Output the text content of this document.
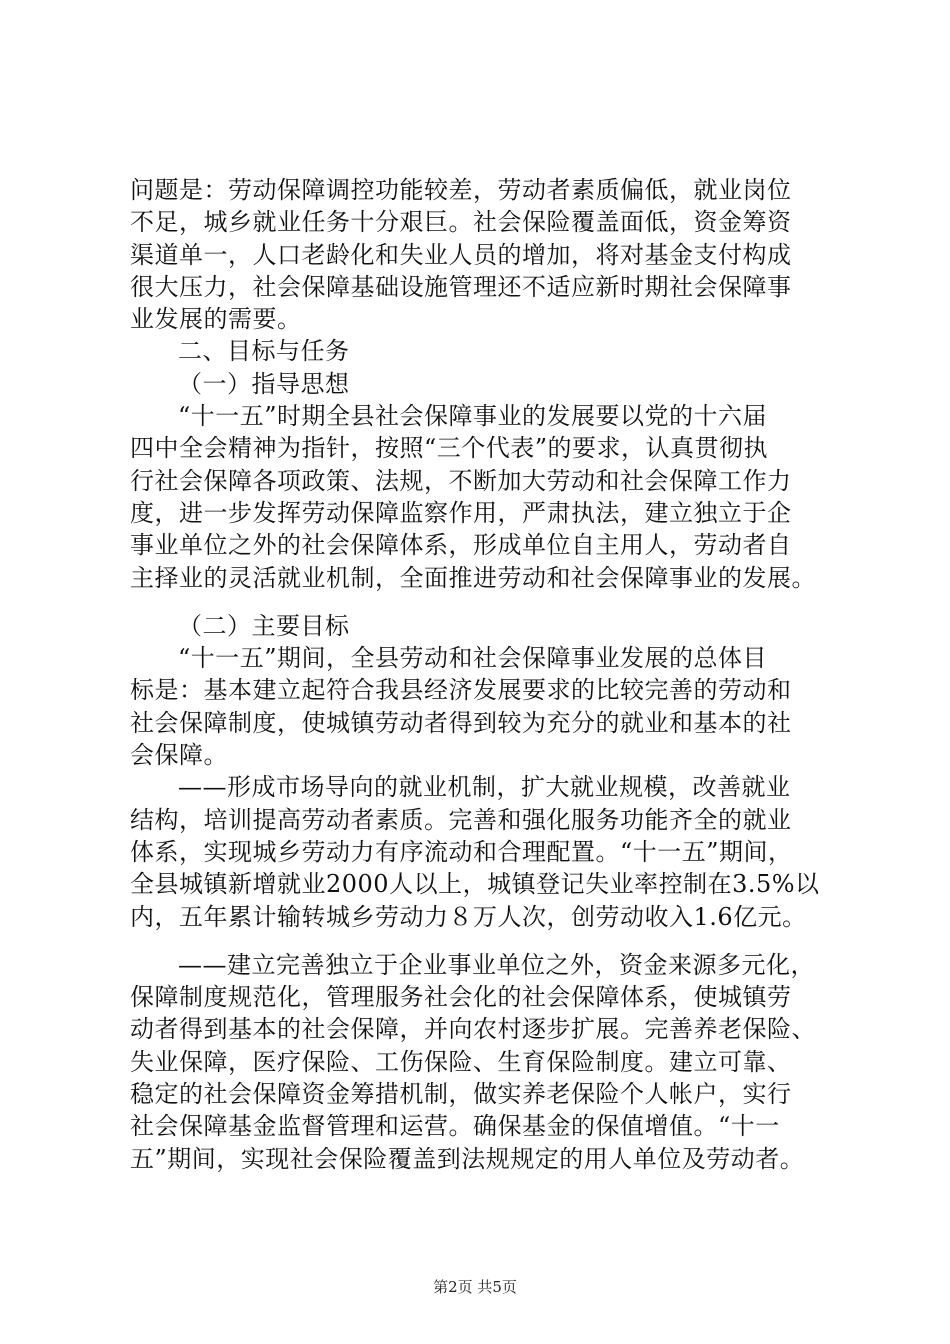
问题是：劳动保障调控功能较差，劳动者素质偏低，就业岗位
不足，城乡就业任务十分艰巨。社会保险覆盖面低，资金筹资
渠道单一，人口老龄化和失业人员的增加，将对基金支付构成
很大压力，社会保障基础设施管理还不适应新时期社会保障事
业发展的需要。
二、目标与任务
（一）指导思想
“十一五”时期全县社会保障事业的发展要以党的十六届
四中全会精神为指针，按照“三个代表”的要求，认真贯彻执
行社会保障各项政策、法规，不断加大劳动和社会保障工作力
度，进一步发挥劳动保障监察作用，严肃执法，建立独立于企
事业单位之外的社会保障体系，形成单位自主用人，劳动者自
主择业的灵活就业机制，全面推进劳动和社会保障事业的发展。
（二）主要目标
“十一五”期间，全县劳动和社会保障事业发展的总体目
标是：基本建立起符合我县经济发展要求的比较完善的劳动和
社会保障制度，使城镇劳动者得到较为充分的就业和基本的社
会保障。
——形成市场导向的就业机制，扩大就业规模，改善就业
结构，培训提高劳动者素质。完善和强化服务功能齐全的就业
体系，实现城乡劳动力有序流动和合理配置。“十一五”期间，
全县城镇新增就业2000人以上，城镇登记失业率控制在3.5%以
内，五年累计输转城乡劳动力８万人次，创劳动收入1.6亿元。
——建立完善独立于企业事业单位之外，资金来源多元化，
保障制度规范化，管理服务社会化的社会保障体系，使城镇劳
动者得到基本的社会保障，并向农村逐步扩展。完善养老保险、
失业保障，医疗保险、工伤保险、生育保险制度。建立可靠、
稳定的社会保障资金筹措机制，做实养老保险个人帐户，实行
社会保障基金监督管理和运营。确保基金的保值增值。“十一
五”期间，实现社会保险覆盖到法规规定的用人单位及劳动者。
第2页 共5页
